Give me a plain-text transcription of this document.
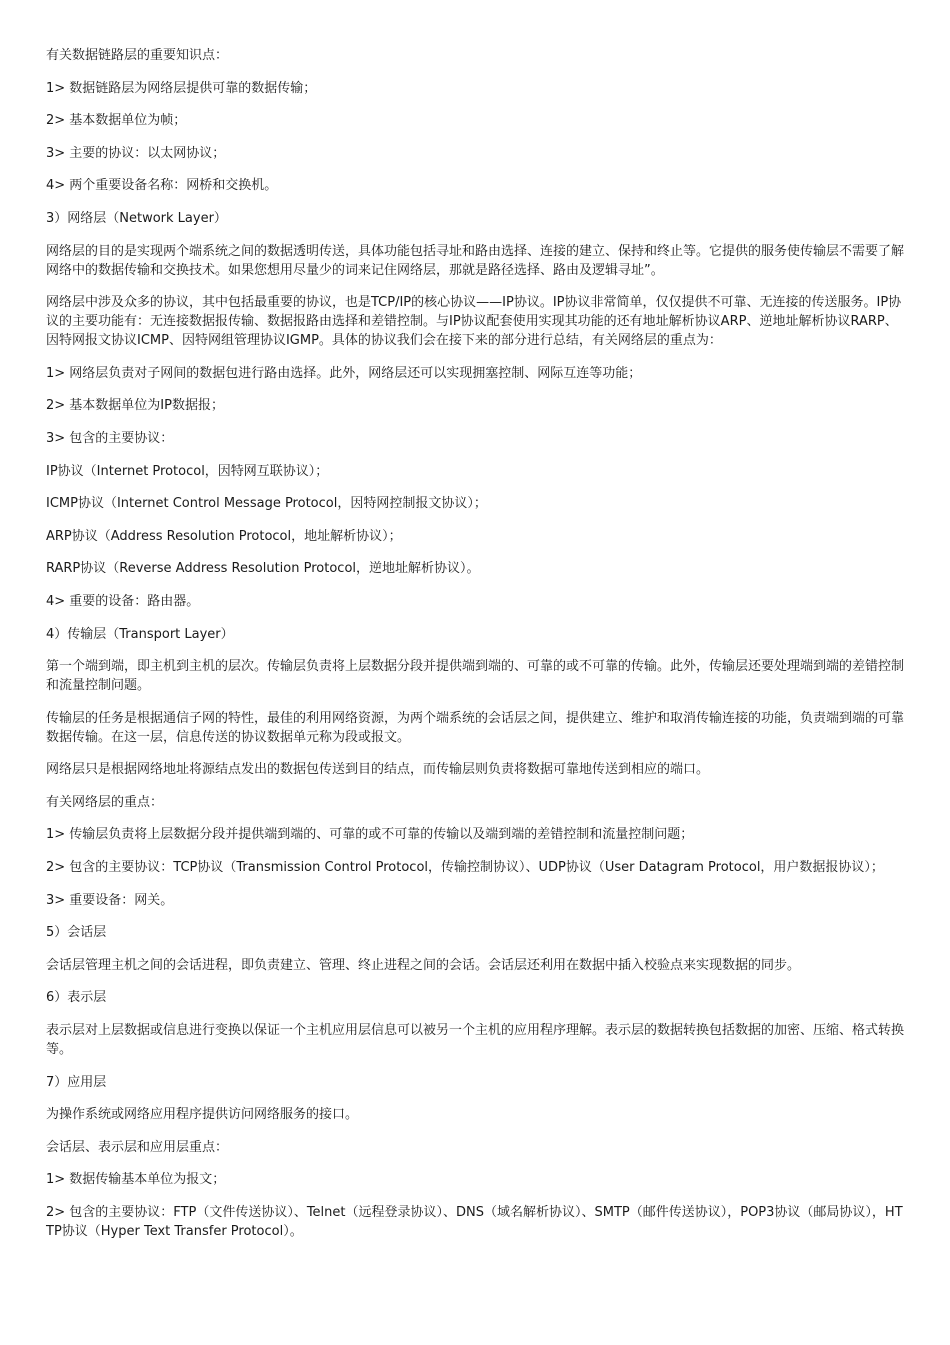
有关数据链路层的重要知识点：

1> 数据链路层为网络层提供可靠的数据传输；

2> 基本数据单位为帧；

3> 主要的协议：以太网协议；

4> 两个重要设备名称：网桥和交换机。

3）网络层（Network Layer）

网络层的目的是实现两个端系统之间的数据透明传送，具体功能包括寻址和路由选择、连接的建立、保持和终止等。它提供的服务使传输层不需要了解网络中的数据传输和交换技术。如果您想用尽量少的词来记住网络层，那就是路径选择、路由及逻辑寻址”。

网络层中涉及众多的协议，其中包括最重要的协议，也是TCP/IP的核心协议——IP协议。IP协议非常简单，仅仅提供不可靠、无连接的传送服务。IP协议的主要功能有：无连接数据报传输、数据报路由选择和差错控制。与IP协议配套使用实现其功能的还有地址解析协议ARP、逆地址解析协议RARP、因特网报文协议ICMP、因特网组管理协议IGMP。具体的协议我们会在接下来的部分进行总结，有关网络层的重点为：

1> 网络层负责对子网间的数据包进行路由选择。此外，网络层还可以实现拥塞控制、网际互连等功能；

2> 基本数据单位为IP数据报；

3> 包含的主要协议：

IP协议（Internet Protocol，因特网互联协议）；

ICMP协议（Internet Control Message Protocol，因特网控制报文协议）；

ARP协议（Address Resolution Protocol，地址解析协议）；

RARP协议（Reverse Address Resolution Protocol，逆地址解析协议）。

4> 重要的设备：路由器。

4）传输层（Transport Layer）

第一个端到端，即主机到主机的层次。传输层负责将上层数据分段并提供端到端的、可靠的或不可靠的传输。此外，传输层还要处理端到端的差错控制和流量控制问题。

传输层的任务是根据通信子网的特性，最佳的利用网络资源，为两个端系统的会话层之间，提供建立、维护和取消传输连接的功能，负责端到端的可靠数据传输。在这一层，信息传送的协议数据单元称为段或报文。

网络层只是根据网络地址将源结点发出的数据包传送到目的结点，而传输层则负责将数据可靠地传送到相应的端口。

有关网络层的重点：

1> 传输层负责将上层数据分段并提供端到端的、可靠的或不可靠的传输以及端到端的差错控制和流量控制问题；

2> 包含的主要协议：TCP协议（Transmission Control Protocol，传输控制协议）、UDP协议（User Datagram Protocol，用户数据报协议）；

3> 重要设备：网关。

5）会话层

会话层管理主机之间的会话进程，即负责建立、管理、终止进程之间的会话。会话层还利用在数据中插入校验点来实现数据的同步。

6）表示层

表示层对上层数据或信息进行变换以保证一个主机应用层信息可以被另一个主机的应用程序理解。表示层的数据转换包括数据的加密、压缩、格式转换等。

7）应用层

为操作系统或网络应用程序提供访问网络服务的接口。

会话层、表示层和应用层重点：

1> 数据传输基本单位为报文；

2> 包含的主要协议：FTP（文件传送协议）、Telnet（远程登录协议）、DNS（域名解析协议）、SMTP（邮件传送协议），POP3协议（邮局协议），HTTP协议（Hyper Text Transfer Protocol）。
